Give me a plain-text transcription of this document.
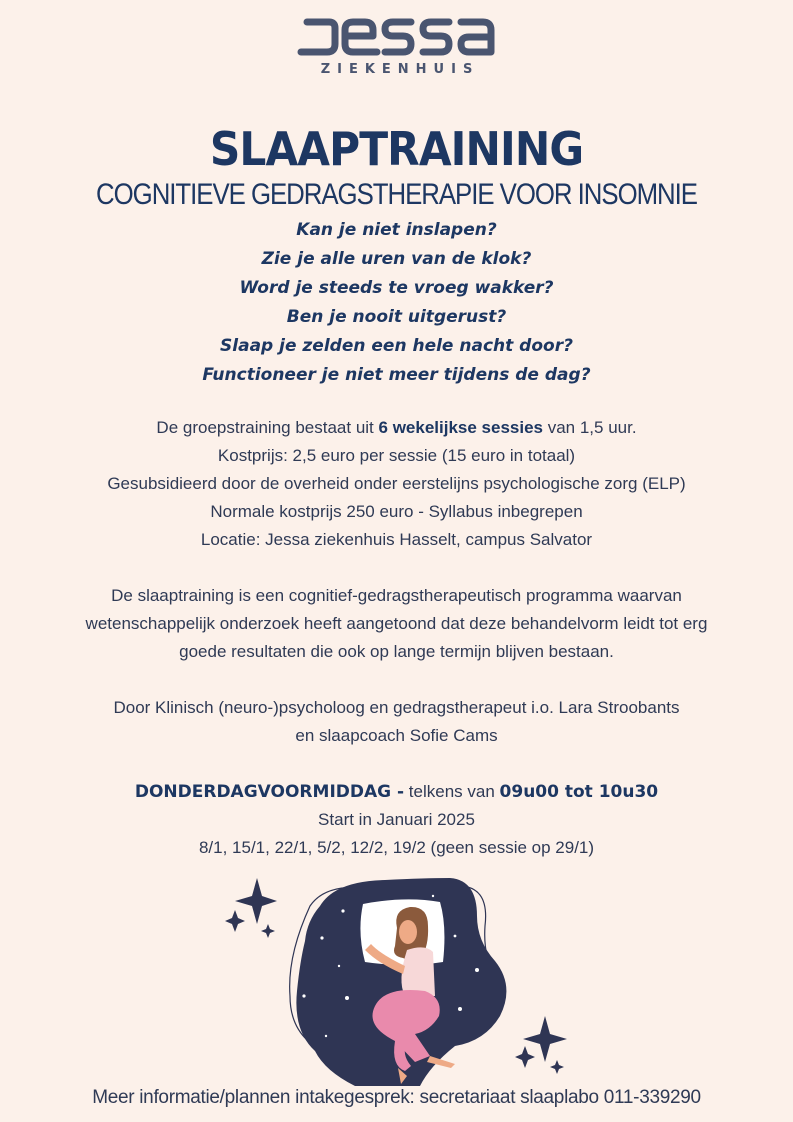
ZIEKENHUIS
SLAAPTRAINING
COGNITIEVE GEDRAGSTHERAPIE VOOR INSOMNIE
Kan je niet inslapen?
Zie je alle uren van de klok?
Word je steeds te vroeg wakker?
Ben je nooit uitgerust?
Slaap je zelden een hele nacht door?
Functioneer je niet meer tijdens de dag?
De groepstraining bestaat uit 6 wekelijkse sessies van 1,5 uur.
Kostprijs: 2,5 euro per sessie (15 euro in totaal)
Gesubsidieerd door de overheid onder eerstelijns psychologische zorg (ELP)
Normale kostprijs 250 euro - Syllabus inbegrepen
Locatie: Jessa ziekenhuis Hasselt, campus Salvator
De slaaptraining is een cognitief-gedragstherapeutisch programma waarvan
wetenschappelijk onderzoek heeft aangetoond dat deze behandelvorm leidt tot erg
goede resultaten die ook op lange termijn blijven bestaan.
Door Klinisch (neuro-)psycholoog en gedragstherapeut i.o. Lara Stroobants
en slaapcoach Sofie Cams
DONDERDAGVOORMIDDAG - telkens van 09u00 tot 10u30
Start in Januari 2025
8/1, 15/1, 22/1, 5/2, 12/2, 19/2 (geen sessie op 29/1)
Meer informatie/plannen intakegesprek: secretariaat slaaplabo 011-339290
